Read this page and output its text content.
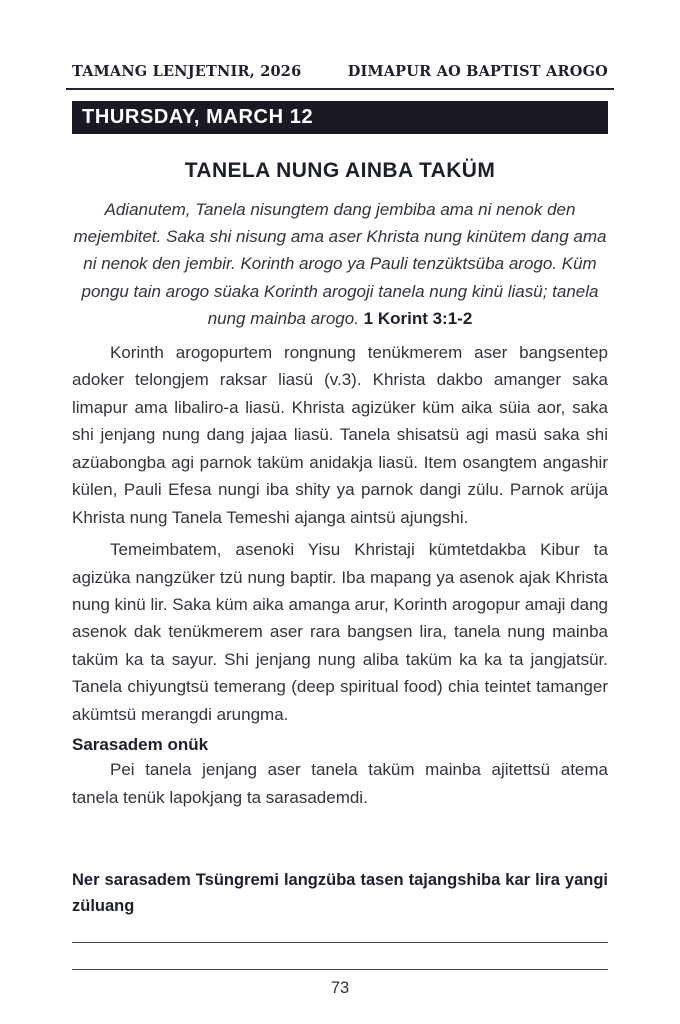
TAMANG LENJETNIR, 2026	DIMAPUR AO BAPTIST AROGO
THURSDAY, MARCH 12
TANELA NUNG AINBA TAKÜM

Adianutem, Tanela nisungtem dang jembiba ama ni nenok den mejembitet. Saka shi nisung ama aser Khrista nung kinütem dang ama ni nenok den jembir. Korinth arogo ya Pauli tenzüktsüba arogo. Küm pongu tain arogo süaka Korinth arogoji tanela nung kinü liasü; tanela nung mainba arogo. 1 Korint 3:1-2

Korinth arogopurtem rongnung tenükmerem aser bangsentep adoker telongjem raksar liasü (v.3). Khrista dakbo amanger saka limapur ama libaliro-a liasü. Khrista agizüker küm aika süia aor, saka shi jenjang nung dang jajaa liasü. Tanela shisatsü agi masü saka shi azüabongba agi parnok taküm anidakja liasü. Item osangtem angashir külen, Pauli Efesa nungi iba shity ya parnok dangi zülu. Parnok arüja Khrista nung Tanela Temeshi ajanga aintsü ajungshi.

Temeimbatem, asenoki Yisu Khristaji kümtetdakba Kibur ta agizüka nangzüker tzü nung baptir. Iba mapang ya asenok ajak Khrista nung kinü lir. Saka küm aika amanga arur, Korinth arogopur amaji dang asenok dak tenükmerem aser rara bangsen lira, tanela nung mainba taküm ka ta sayur. Shi jenjang nung aliba taküm ka ka ta jangjatsür. Tanela chiyungtsü temerang (deep spiritual food) chia teintet tamanger akümtsü merangdi arungma.

Sarasadem onük

Pei tanela jenjang aser tanela taküm mainba ajitettsü atema tanela tenük lapokjang ta sarasademdi.

Ner sarasadem Tsüngremi langzüba tasen tajangshiba kar lira yangi züluang

73
